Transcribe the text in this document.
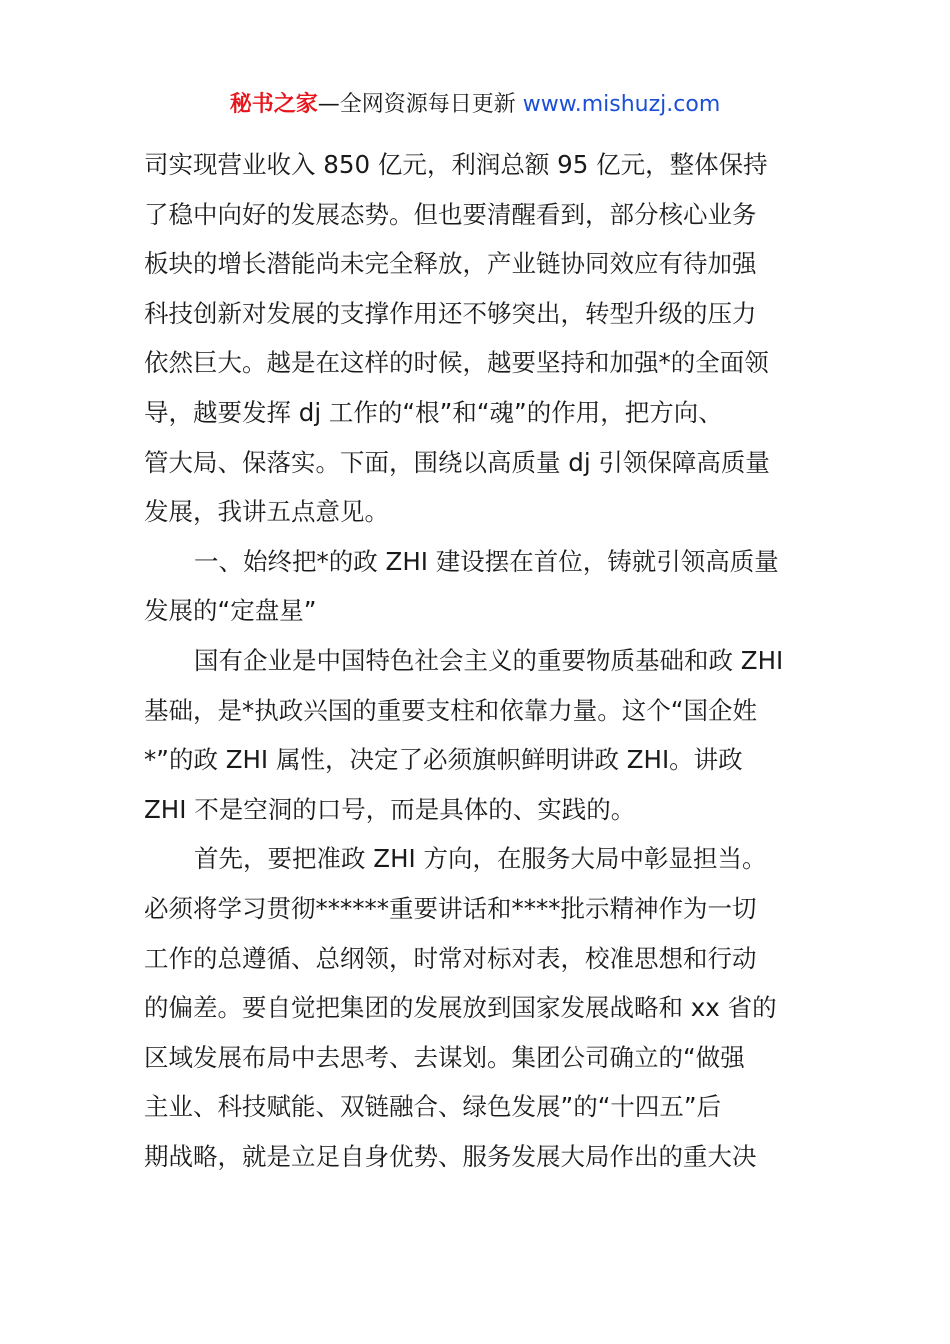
秘书之家—全网资源每日更新 www.mishuzj.com
司实现营业收入 850 亿元，利润总额 95 亿元，整体保持
了稳中向好的发展态势。但也要清醒看到，部分核心业务
板块的增长潜能尚未完全释放，产业链协同效应有待加强
科技创新对发展的支撑作用还不够突出，转型升级的压力
依然巨大。越是在这样的时候，越要坚持和加强*的全面领
导，越要发挥 dj 工作的“根”和“魂”的作用，把方向、
管大局、保落实。下面，围绕以高质量 dj 引领保障高质量
发展，我讲五点意见。
一、始终把*的政 ZHI 建设摆在首位，铸就引领高质量
发展的“定盘星”
国有企业是中国特色社会主义的重要物质基础和政 ZHI
基础，是*执政兴国的重要支柱和依靠力量。这个“国企姓
*”的政 ZHI 属性，决定了必须旗帜鲜明讲政 ZHI。讲政
ZHI 不是空洞的口号，而是具体的、实践的。
首先，要把准政 ZHI 方向，在服务大局中彰显担当。
必须将学习贯彻******重要讲话和****批示精神作为一切
工作的总遵循、总纲领，时常对标对表，校准思想和行动
的偏差。要自觉把集团的发展放到国家发展战略和 xx 省的
区域发展布局中去思考、去谋划。集团公司确立的“做强
主业、科技赋能、双链融合、绿色发展”的“十四五”后
期战略，就是立足自身优势、服务发展大局作出的重大决
